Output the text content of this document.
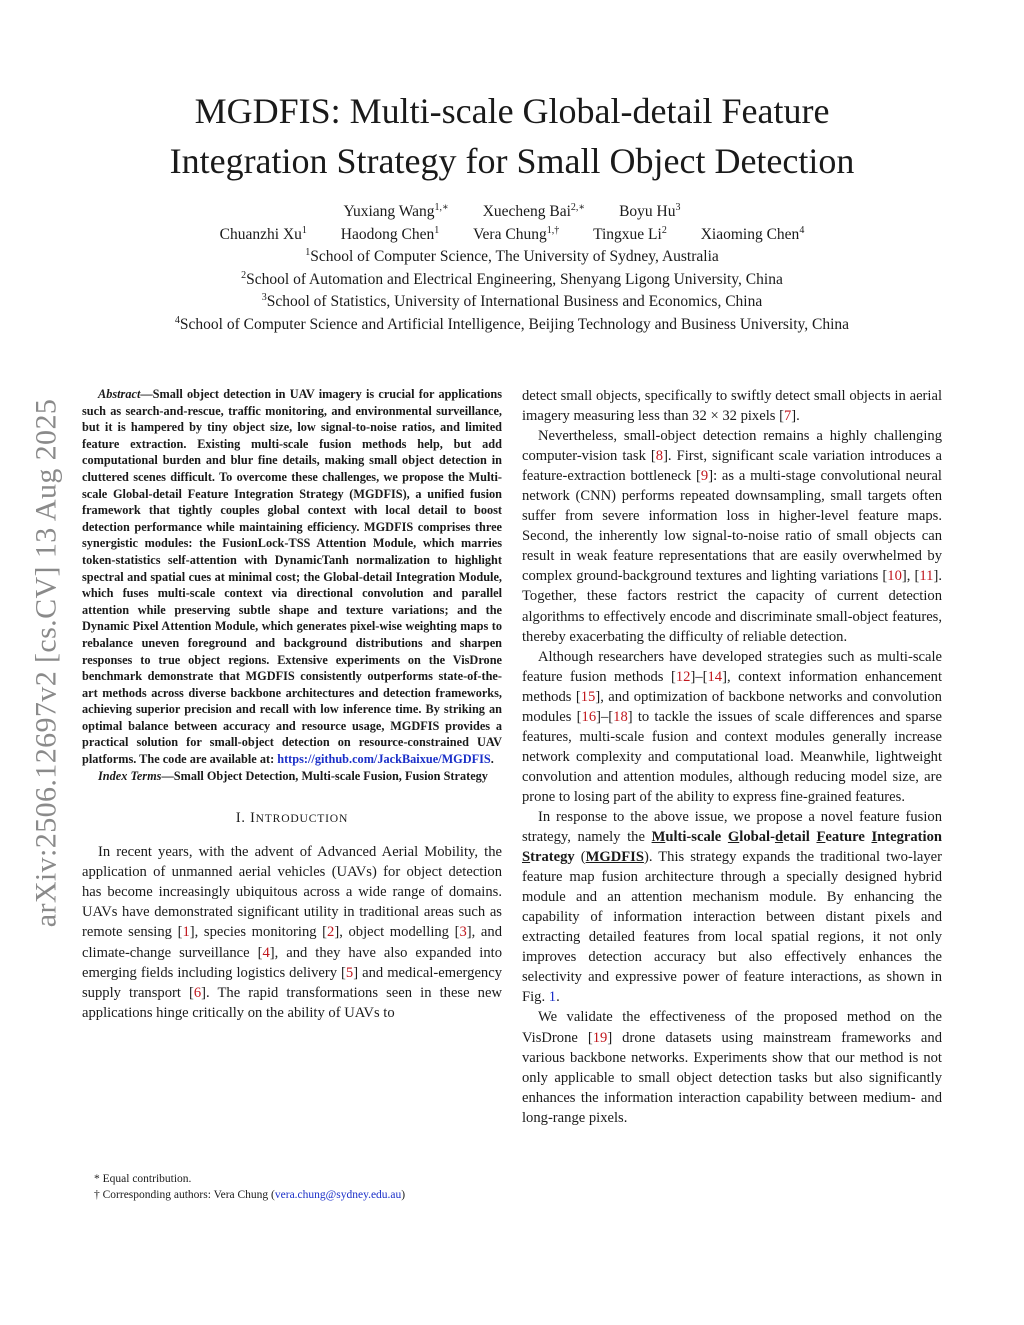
arXiv:2506.12697v2 [cs.CV] 13 Aug 2025
MGDFIS: Multi-scale Global-detail Feature
Integration Strategy for Small Object Detection
Yuxiang Wang$^{1,∗}$ Xuecheng Bai$^{2,∗}$ Boyu Hu$^3$
Chuanzhi Xu$^1$ Haodong Chen$^1$ Vera Chung$^{1,\dagger}$ Tingxue Li$^2$ Xiaoming Chen$^4$
$^1$School of Computer Science, The University of Sydney, Australia
$^2$School of Automation and Electrical Engineering, Shenyang Ligong University, China
$^3$School of Statistics, University of International Business and Economics, China
$^4$School of Computer Science and Artificial Intelligence, Beijing Technology and Business University, China

Abstract—Small object detection in UAV imagery is crucial for applications such as search-and-rescue, traffic monitoring, and environmental surveillance, but it is hampered by tiny object size, low signal-to-noise ratios, and limited feature extraction. Existing multi-scale fusion methods help, but add computational burden and blur fine details, making small object detection in cluttered scenes difficult. To overcome these challenges, we propose the Multi-scale Global-detail Feature Integration Strategy (MGDFIS), a unified fusion framework that tightly couples global context with local detail to boost detection performance while maintaining efficiency. MGDFIS comprises three synergistic modules: the FusionLock-TSS Attention Module, which marries token-statistics self-attention with DynamicTanh normalization to highlight spectral and spatial cues at minimal cost; the Global-detail Integration Module, which fuses multi-scale context via directional convolution and parallel attention while preserving subtle shape and texture variations; and the Dynamic Pixel Attention Module, which generates pixel-wise weighting maps to rebalance uneven foreground and background distributions and sharpen responses to true object regions. Extensive experiments on the VisDrone benchmark demonstrate that MGDFIS consistently outperforms state-of-the-art methods across diverse backbone architectures and detection frameworks, achieving superior precision and recall with low inference time. By striking an optimal balance between accuracy and resource usage, MGDFIS provides a practical solution for small-object detection on resource-constrained UAV platforms. The code are available at: https://github.com/JackBaixue/MGDFIS.

Index Terms—Small Object Detection, Multi-scale Fusion, Fusion Strategy

I. INTRODUCTION

In recent years, with the advent of Advanced Aerial Mobility, the application of unmanned aerial vehicles (UAVs) for object detection has become increasingly ubiquitous across a wide range of domains. UAVs have demonstrated significant utility in traditional areas such as remote sensing [1], species monitoring [2], object modelling [3], and climate-change surveillance [4], and they have also expanded into emerging fields including logistics delivery [5] and medical-emergency supply transport [6]. The rapid transformations seen in these new applications hinge critically on the ability of UAVs to

* Equal contribution.
† Corresponding authors: Vera Chung (vera.chung@sydney.edu.au)

detect small objects, specifically to swiftly detect small objects in aerial imagery measuring less than 32 × 32 pixels [7].

Nevertheless, small-object detection remains a highly challenging computer-vision task [8]. First, significant scale variation introduces a feature-extraction bottleneck [9]: as a multi-stage convolutional neural network (CNN) performs repeated downsampling, small targets often suffer from severe information loss in higher-level feature maps. Second, the inherently low signal-to-noise ratio of small objects can result in weak feature representations that are easily overwhelmed by complex ground-background textures and lighting variations [10], [11]. Together, these factors restrict the capacity of current detection algorithms to effectively encode and discriminate small-object features, thereby exacerbating the difficulty of reliable detection.

Although researchers have developed strategies such as multi-scale feature fusion methods [12]–[14], context information enhancement methods [15], and optimization of backbone networks and convolution modules [16]–[18] to tackle the issues of scale differences and sparse features, multi-scale fusion and context modules generally increase network complexity and computational load. Meanwhile, lightweight convolution and attention modules, although reducing model size, are prone to losing part of the ability to express fine-grained features.

In response to the above issue, we propose a novel feature fusion strategy, namely the Multi-scale Global-detail Feature Integration Strategy (MGDFIS). This strategy expands the traditional two-layer feature map fusion architecture through a specially designed hybrid module and an attention mechanism module. By enhancing the capability of information interaction between distant pixels and extracting detailed features from local spatial regions, it not only improves detection accuracy but also effectively enhances the selectivity and expressive power of feature interactions, as shown in Fig. 1.

We validate the effectiveness of the proposed method on the VisDrone [19] drone datasets using mainstream frameworks and various backbone networks. Experiments show that our method is not only applicable to small object detection tasks but also significantly enhances the information interaction capability between medium- and long-range pixels.
